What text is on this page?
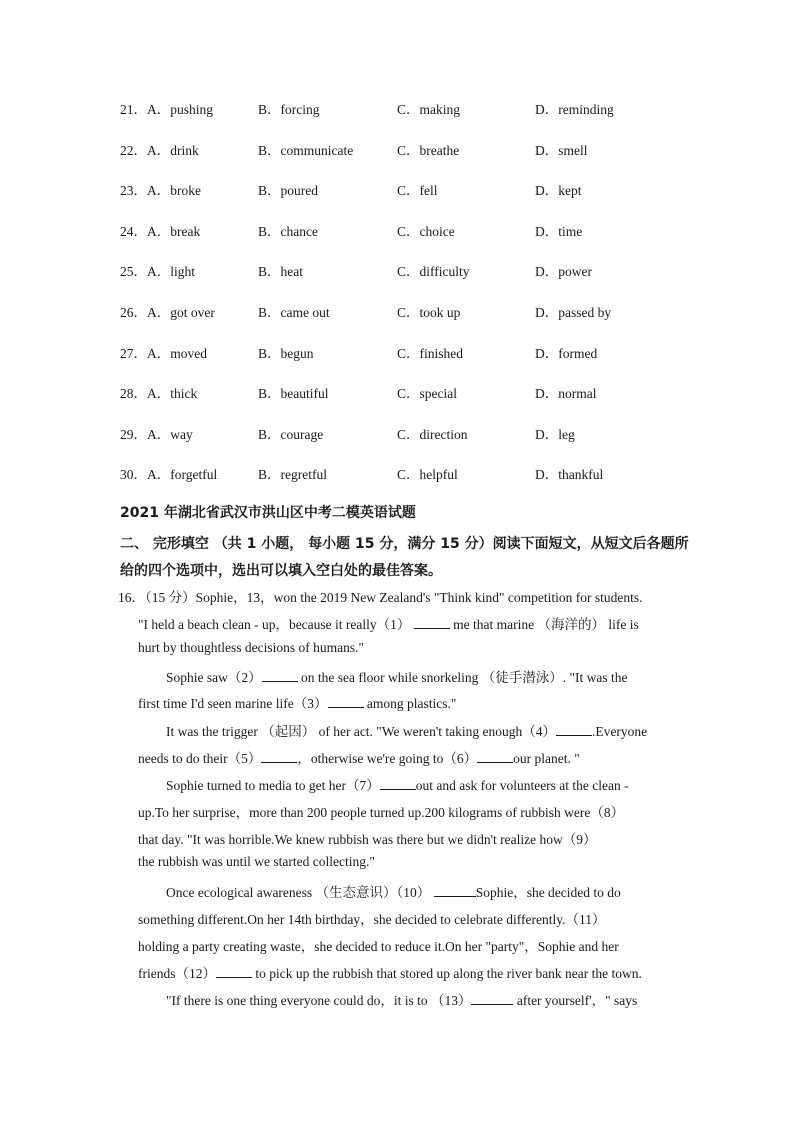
21．A．pushing	B．forcing	C．making	D．reminding
22．A．drink	B．communicate	C．breathe	D．smell
23．A．broke	B．poured	C．fell	D．kept
24．A．break	B．chance	C．choice	D．time
25．A．light	B．heat	C．difficulty	D．power
26．A．got over	B．came out	C．took up	D．passed by
27．A．moved	B．begun	C．finished	D．formed
28．A．thick	B．beautiful	C．special	D．normal
29．A．way	B．courage	C．direction	D．leg
30．A．forgetful	B．regretful	C．helpful	D．thankful
2021 年湖北省武汉市洪山区中考二模英语试题
二、 完形填空 （共 1 小题， 每小题 15 分，满分 15 分）阅读下面短文，从短文后各题所
给的四个选项中，选出可以填入空白处的最佳答案。
16．（15 分）Sophie，13，won the 2019 New Zealand's "Think kind" competition for students.
"I held a beach clean - up，because it really（1）	me that marine （海洋的） life is
hurt by thoughtless decisions of humans."
Sophie saw（2）	on the sea floor while snorkeling （徒手潜泳）. "It was the
first time I'd seen marine life（3）	among plastics."
It was the trigger （起因） of her act. "We weren't taking enough（4）	.Everyone
needs to do their（5）	，otherwise we're going to（6）	our planet. "
Sophie turned to media to get her（7）	out and ask for volunteers at the clean -
up.To her surprise，more than 200 people turned up.200 kilograms of rubbish were（8）
that day. "It was horrible.We knew rubbish was there but we didn't realize how（9）
the rubbish was until we started collecting."
Once ecological awareness （生态意识）（10）	Sophie，she decided to do
something different.On her 14th birthday，she decided to celebrate differently.（11）
holding a party creating waste，she decided to reduce it.On her "party"，Sophie and her
friends（12）	to pick up the rubbish that stored up along the river bank near the town.
"If there is one thing everyone could do，it is to （13）	after yourself'，" says
